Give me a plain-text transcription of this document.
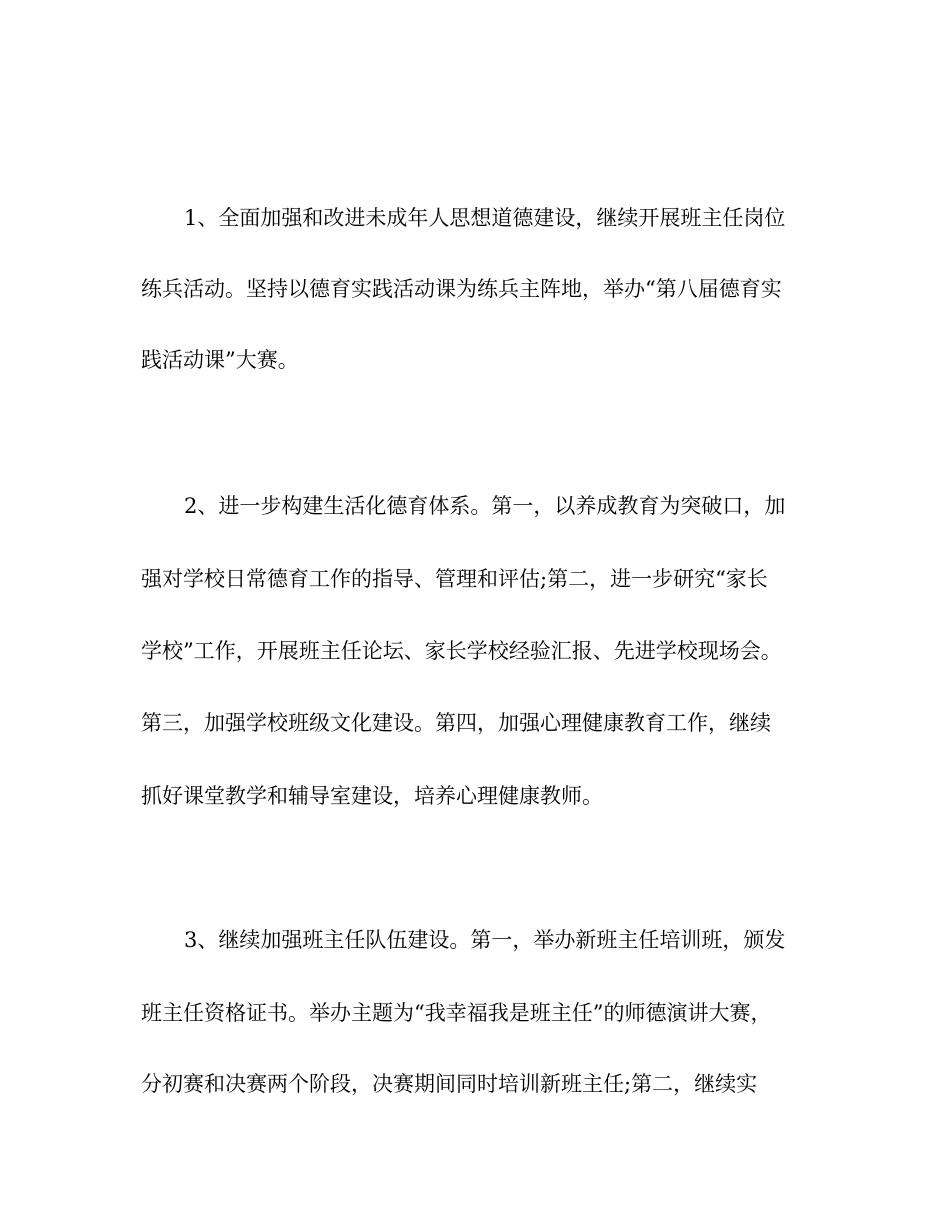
1、全面加强和改进未成年人思想道德建设，继续开展班主任岗位
练兵活动。坚持以德育实践活动课为练兵主阵地，举办“第八届德育实
践活动课”大赛。
2、进一步构建生活化德育体系。第一，以养成教育为突破口，加
强对学校日常德育工作的指导、管理和评估;第二，进一步研究“家长
学校”工作，开展班主任论坛、家长学校经验汇报、先进学校现场会。
第三，加强学校班级文化建设。第四，加强心理健康教育工作，继续
抓好课堂教学和辅导室建设，培养心理健康教师。
3、继续加强班主任队伍建设。第一，举办新班主任培训班，颁发
班主任资格证书。举办主题为“我幸福我是班主任”的师德演讲大赛，
分初赛和决赛两个阶段，决赛期间同时培训新班主任;第二，继续实
